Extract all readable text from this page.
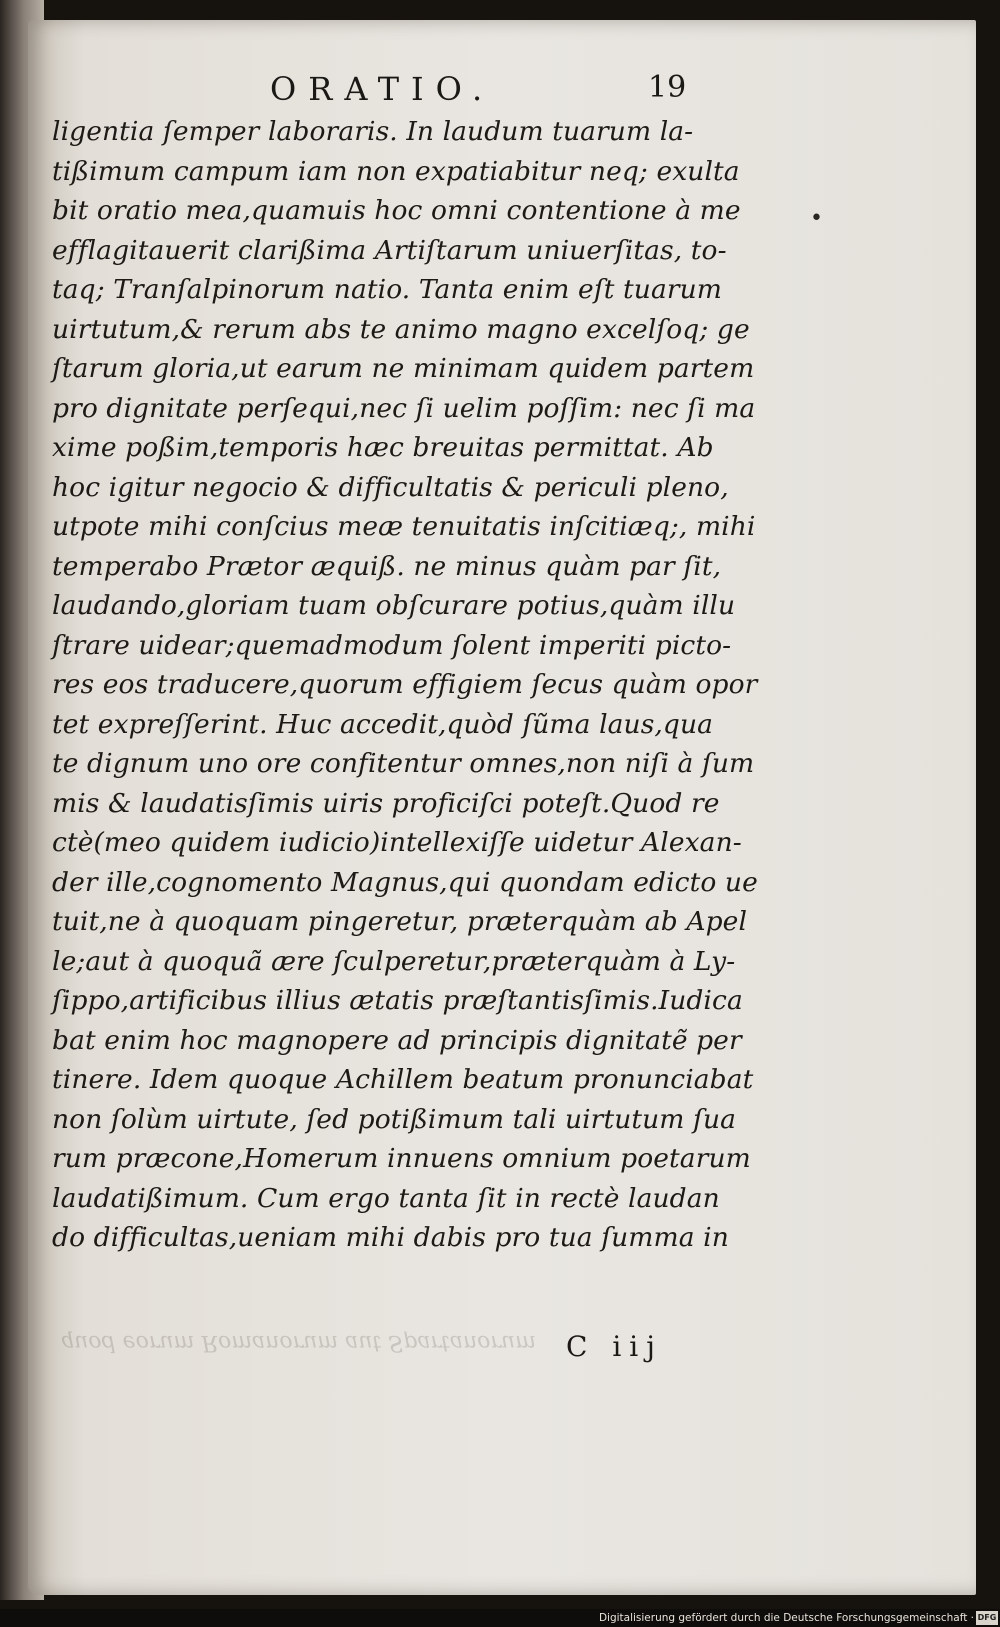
quod eorum Romanorum aut Spartanorum
ORATIO.	19
•
ligentia ſemper laboraris. In laudum tuarum la-
tißimum campum iam non expatiabitur neq; exulta
bit oratio mea,quamuis hoc omni contentione à me
efflagitauerit clarißima Artiſtarum uniuerſitas, to-
taq; Tranſalpinorum natio. Tanta enim eſt tuarum
uirtutum,& rerum abs te animo magno excelſoq; ge
ſtarum gloria,ut earum ne minimam quidem partem
pro dignitate perſequi,nec ſi uelim poſſim: nec ſi ma
xime poßim,temporis hæc breuitas permittat. Ab
hoc igitur negocio & difficultatis & periculi pleno,
utpote mihi conſcius meæ tenuitatis inſcitiæq;, mihi
temperabo Prætor æquiß. ne minus quàm par ſit,
laudando,gloriam tuam obſcurare potius,quàm illu
ſtrare uidear;quemadmodum ſolent imperiti picto-
res eos traducere,quorum effigiem ſecus quàm opor
tet expreſſerint. Huc accedit,quòd ſũma laus,qua
te dignum uno ore confitentur omnes,non niſi à ſum
mis & laudatisſimis uiris proficiſci poteſt.Quod re
ctè(meo quidem iudicio)intellexiſſe uidetur Alexan-
der ille,cognomento Magnus,qui quondam edicto ue
tuit,ne à quoquam pingeretur, præterquàm ab Apel
le;aut à quoquã ære ſculperetur,præterquàm à Ly-
ſippo,artificibus illius ætatis præſtantisſimis.Iudica
bat enim hoc magnopere ad principis dignitatẽ per
tinere. Idem quoque Achillem beatum pronunciabat
non ſolùm uirtute, ſed potißimum tali uirtutum ſua
rum præcone,Homerum innuens omnium poetarum
laudatißimum. Cum ergo tanta ſit in rectè laudan
do difficultas,ueniam mihi dabis pro tua ſumma in
C iij
Digitalisierung gefördert durch die Deutsche Forschungsgemeinschaft · DFG
